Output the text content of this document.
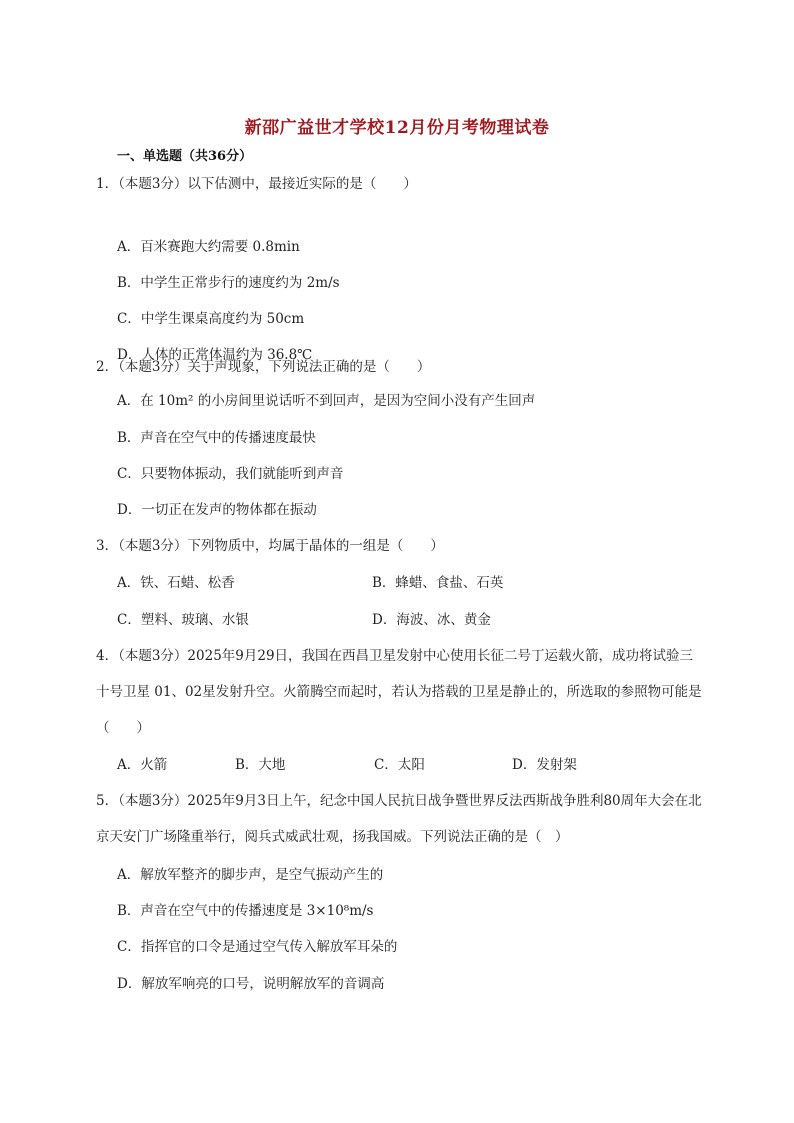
新邵广益世才学校12月份月考物理试卷
一、单选题（共36分）
1．（本题3分）以下估测中，最接近实际的是（　　）
A．百米赛跑大约需要 0.8min
B．中学生正常步行的速度约为 2m/s
C．中学生课桌高度约为 50cm
D．人体的正常体温约为 36.8℃
2．（本题3分）关于声现象，下列说法正确的是（　　）
A．在 10m² 的小房间里说话听不到回声，是因为空间小没有产生回声
B．声音在空气中的传播速度最快
C．只要物体振动，我们就能听到声音
D．一切正在发声的物体都在振动
3．（本题3分）下列物质中，均属于晶体的一组是（　　）
A．铁、石蜡、松香	B．蜂蜡、食盐、石英
C．塑料、玻璃、水银	D．海波、冰、黄金
4．（本题3分）2025年9月29日，我国在西昌卫星发射中心使用长征二号丁运载火箭，成功将试验三十号卫星 01、02星发射升空。火箭腾空而起时，若认为搭载的卫星是静止的，所选取的参照物可能是（　　）
A．火箭	B．大地	C．太阳	D．发射架
5．（本题3分）2025年9月3日上午，纪念中国人民抗日战争暨世界反法西斯战争胜利80周年大会在北京天安门广场隆重举行，阅兵式威武壮观，扬我国威。下列说法正确的是（　）
A．解放军整齐的脚步声，是空气振动产生的
B．声音在空气中的传播速度是 3×10⁸m/s
C．指挥官的口令是通过空气传入解放军耳朵的
D．解放军响亮的口号，说明解放军的音调高
